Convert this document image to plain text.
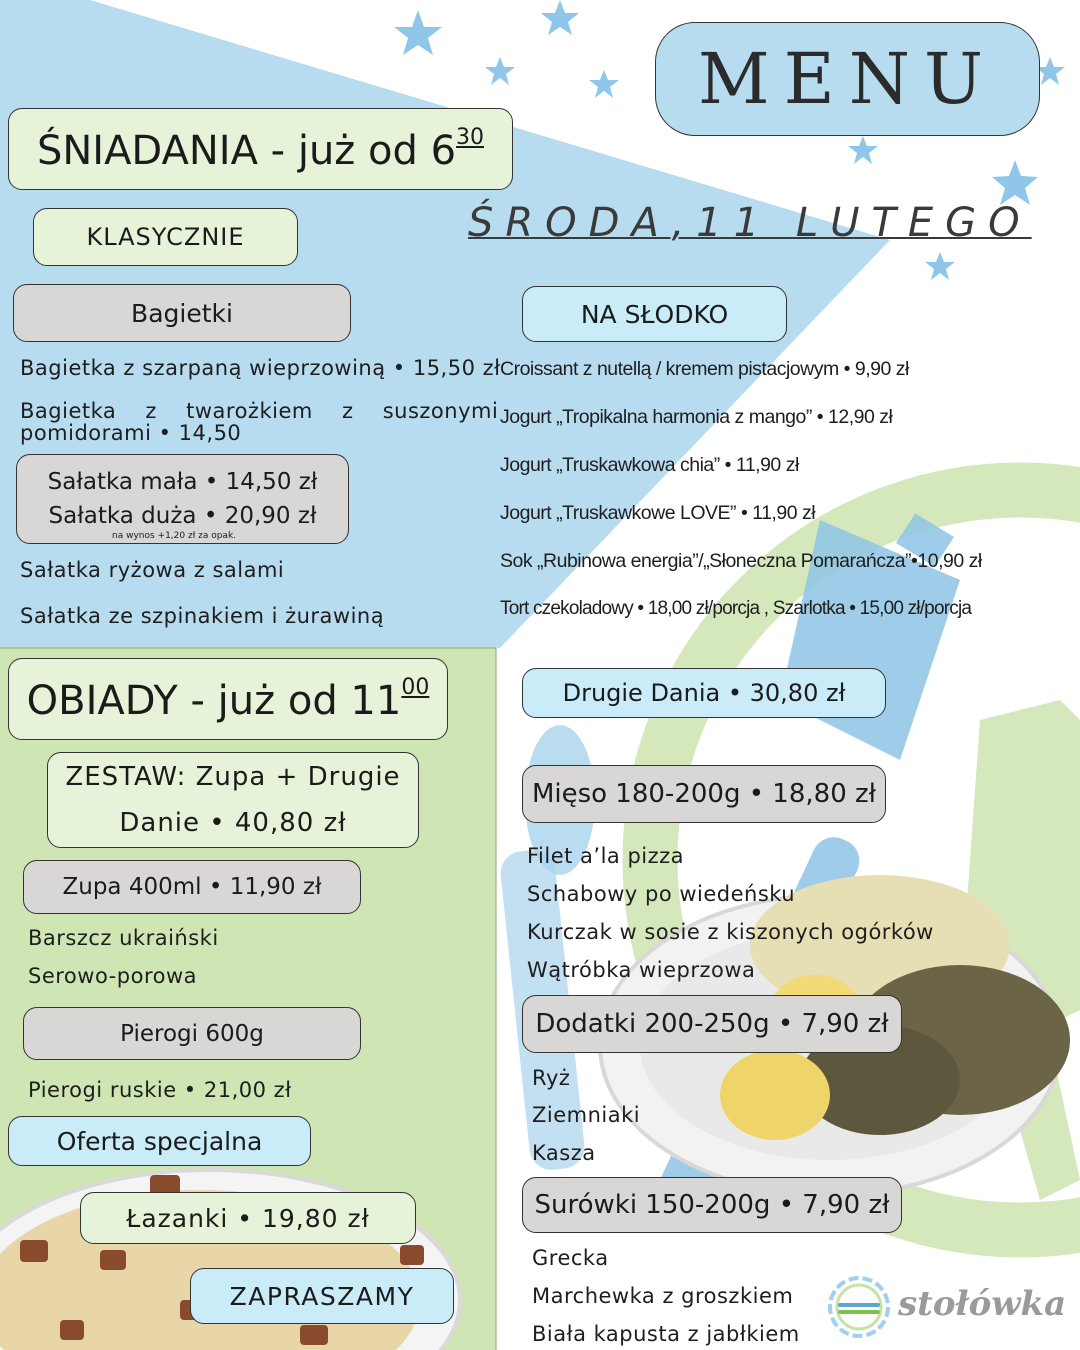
MENU
ŚRODA,11 LUTEGO
ŚNIADANIA - już od $6^{30}$
KLASYCZNIE
Bagietki
Bagietka z szarpaną wieprzowiną • 15,50 zł
Bagietka z twarożkiem z suszonymi
pomidorami • 14,50
Sałatka mała • 14,50 zł
Sałatka duża • 20,90 zł
na wynos +1,20 zł za opak.
Sałatka ryżowa z salami
Sałatka ze szpinakiem i żurawiną
NA SŁODKO
Croissant z nutellą / kremem pistacjowym • 9,90 zł
Jogurt „Tropikalna harmonia z mango” • 12,90 zł
Jogurt „Truskawkowa chia” • 11,90 zł
Jogurt „Truskawkowe LOVE” • 11,90 zł
Sok „Rubinowa energia”/„Słoneczna Pomarańcza”•10,90 zł
Tort czekoladowy • 18,00 zł/porcja , Szarlotka • 15,00 zł/porcja
OBIADY - już od $11^{00}$
ZESTAW: Zupa + Drugie
Danie • 40,80 zł
Zupa 400ml • 11,90 zł
Barszcz ukraiński
Serowo-porowa
Pierogi 600g
Pierogi ruskie • 21,00 zł
Oferta specjalna
Łazanki • 19,80 zł
ZAPRASZAMY
Drugie Dania • 30,80 zł
Mięso 180-200g • 18,80 zł
Filet a’la pizza
Schabowy po wiedeńsku
Kurczak w sosie z kiszonych ogórków
Wątróbka wieprzowa
Dodatki 200-250g • 7,90 zł
Ryż
Ziemniaki
Kasza
Surówki 150-200g • 7,90 zł
Grecka
Marchewka z groszkiem
Biała kapusta z jabłkiem
stołówka
